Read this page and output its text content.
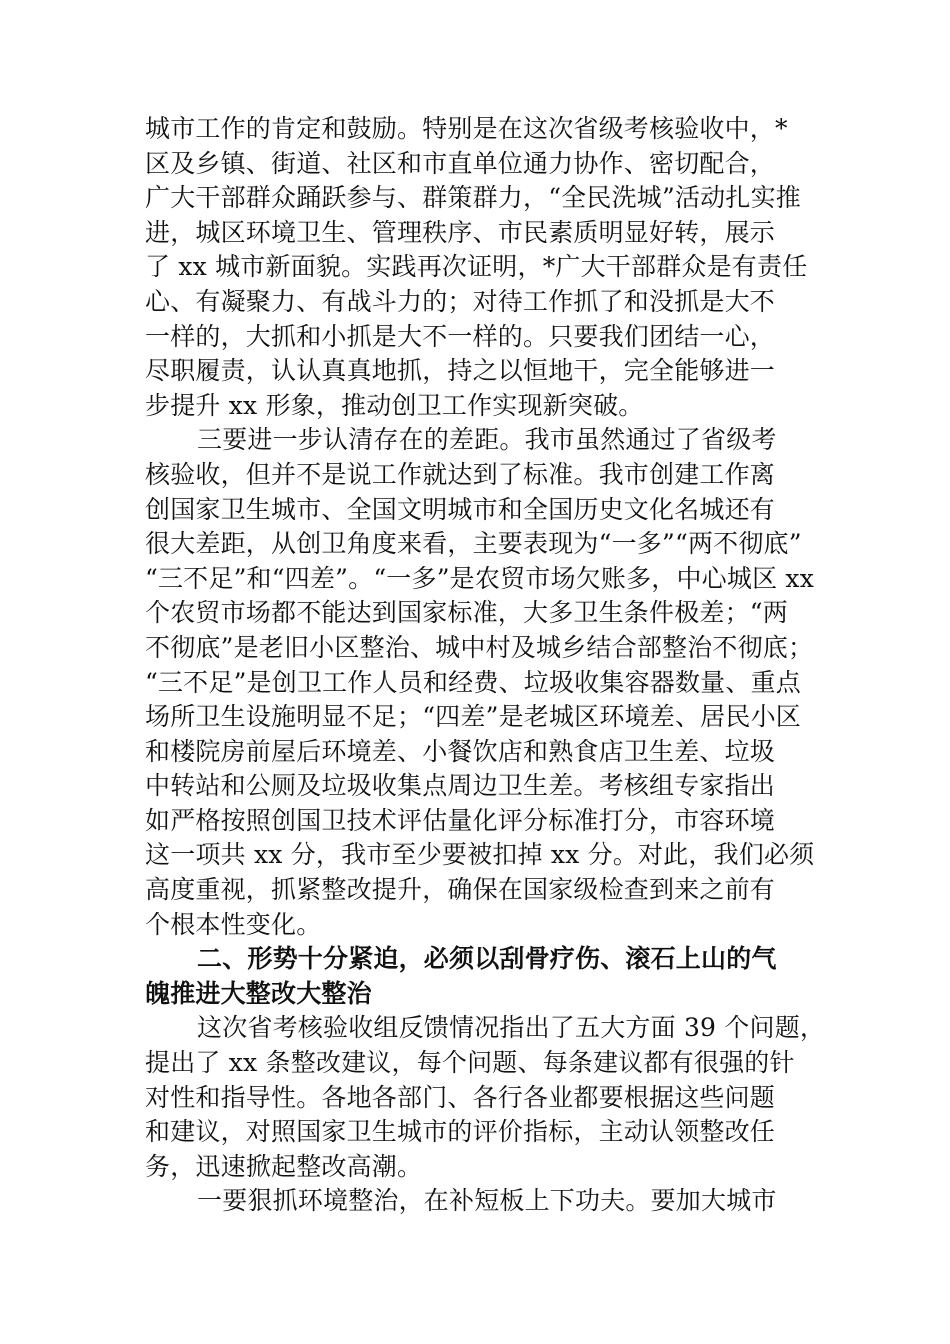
城市工作的肯定和鼓励。特别是在这次省级考核验收中，*
区及乡镇、街道、社区和市直单位通力协作、密切配合，
广大干部群众踊跃参与、群策群力，“全民洗城”活动扎实推
进，城区环境卫生、管理秩序、市民素质明显好转，展示
了 xx 城市新面貌。实践再次证明，*广大干部群众是有责任
心、有凝聚力、有战斗力的；对待工作抓了和没抓是大不
一样的，大抓和小抓是大不一样的。只要我们团结一心，
尽职履责，认认真真地抓，持之以恒地干，完全能够进一
步提升 xx 形象，推动创卫工作实现新突破。
三要进一步认清存在的差距。我市虽然通过了省级考
核验收，但并不是说工作就达到了标准。我市创建工作离
创国家卫生城市、全国文明城市和全国历史文化名城还有
很大差距，从创卫角度来看，主要表现为“一多”“两不彻底”
“三不足”和“四差”。“一多”是农贸市场欠账多，中心城区 xx
个农贸市场都不能达到国家标准，大多卫生条件极差；“两
不彻底”是老旧小区整治、城中村及城乡结合部整治不彻底；
“三不足”是创卫工作人员和经费、垃圾收集容器数量、重点
场所卫生设施明显不足；“四差”是老城区环境差、居民小区
和楼院房前屋后环境差、小餐饮店和熟食店卫生差、垃圾
中转站和公厕及垃圾收集点周边卫生差。考核组专家指出
如严格按照创国卫技术评估量化评分标准打分，市容环境
这一项共 xx 分，我市至少要被扣掉 xx 分。对此，我们必须
高度重视，抓紧整改提升，确保在国家级检查到来之前有
个根本性变化。
二、形势十分紧迫，必须以刮骨疗伤、滚石上山的气
魄推进大整改大整治
这次省考核验收组反馈情况指出了五大方面 39 个问题，
提出了 xx 条整改建议，每个问题、每条建议都有很强的针
对性和指导性。各地各部门、各行各业都要根据这些问题
和建议，对照国家卫生城市的评价指标，主动认领整改任
务，迅速掀起整改高潮。
一要狠抓环境整治，在补短板上下功夫。要加大城市
